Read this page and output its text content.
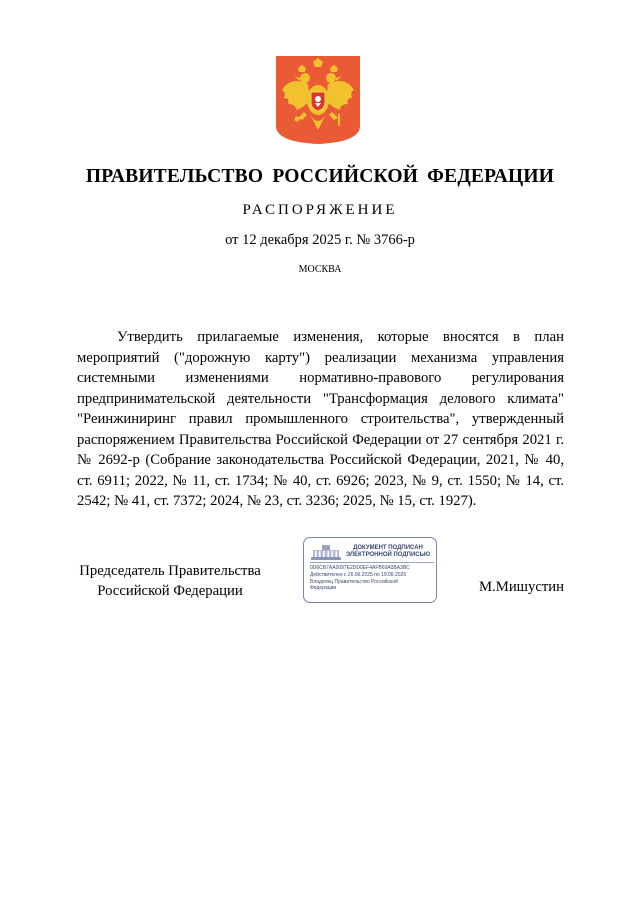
ПРАВИТЕЛЬСТВО РОССИЙСКОЙ ФЕДЕРАЦИИ
РАСПОРЯЖЕНИЕ
от 12 декабря 2025 г. № 3766-р
МОСКВА

Утвердить прилагаемые изменения, которые вносятся в план мероприятий ("дорожную карту") реализации механизма управления системными изменениями нормативно-правового регулирования предпринимательской деятельности "Трансформация делового климата" "Реинжиниринг правил промышленного строительства", утвержденный распоряжением Правительства Российской Федерации от 27 сентября 2021 г. № 2692-р (Собрание законодательства Российской Федерации, 2021, № 40, ст. 6911; 2022, № 11, ст. 1734; № 40, ст. 6926; 2023, № 9, ст. 1550; № 14, ст. 2542; № 41, ст. 7372; 2024, № 23, ст. 3236; 2025, № 15, ст. 1927).

Председатель Правительства
Российской Федерации
ДОКУМЕНТ ПОДПИСАН
ЭЛЕКТРОННОЙ ПОДПИСЬЮ
0D6CB7AA0097E2DD0EF4AFB69A0BA3BC
Действителен с 26.06.2025 по 19.09.2026
Владелец Правительство Российской
Федерации	М.Мишустин
